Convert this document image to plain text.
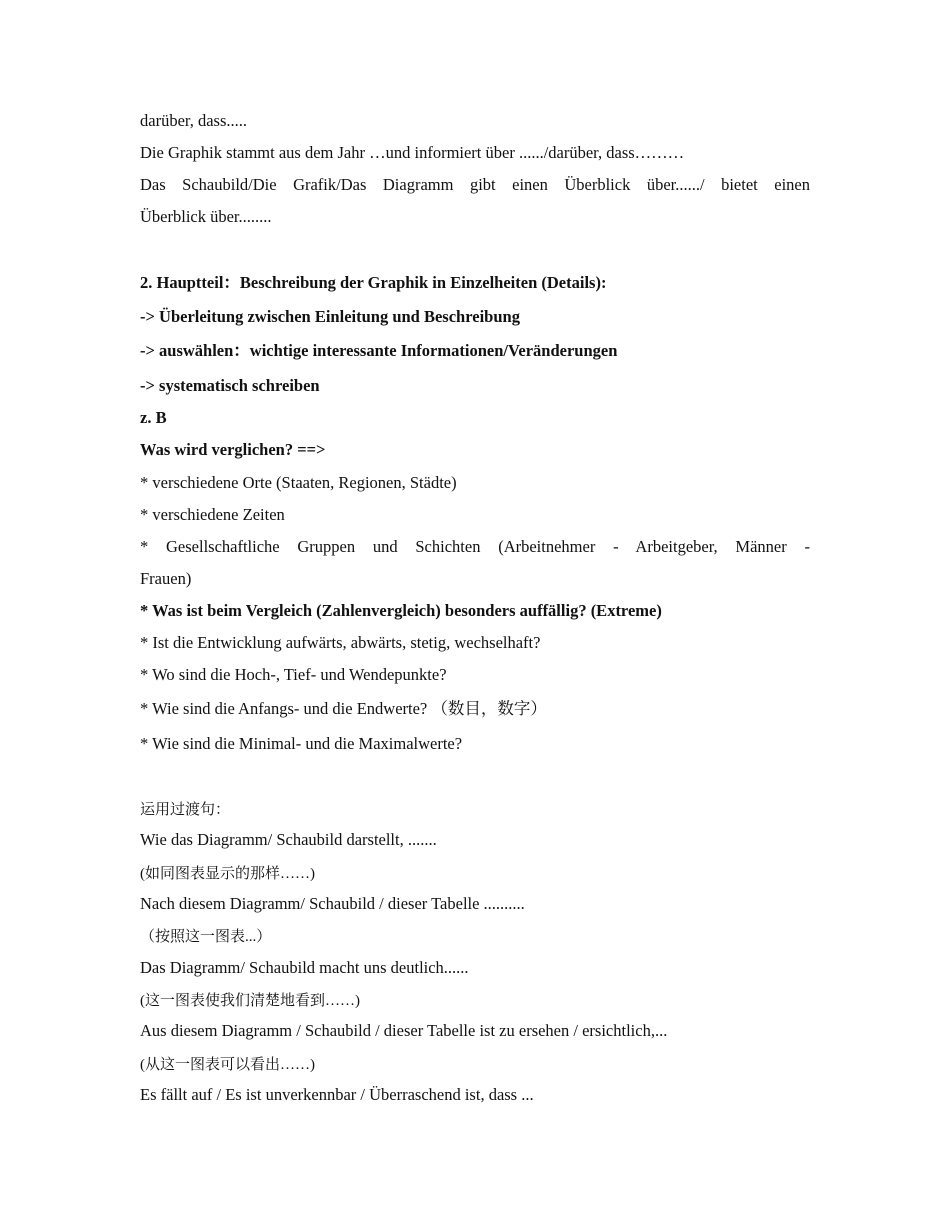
darüber, dass.....
Die Graphik stammt aus dem Jahr …und informiert über ....../darüber, dass………
Das Schaubild/Die Grafik/Das Diagramm gibt einen Überblick über....../ bietet einen
Überblick über........
2. Hauptteil：Beschreibung der Graphik in Einzelheiten (Details):
-> Überleitung zwischen Einleitung und Beschreibung
-> auswählen：wichtige interessante Informationen/Veränderungen
-> systematisch schreiben
z. B
Was wird verglichen? ==>
* verschiedene Orte (Staaten, Regionen, Städte)
* verschiedene Zeiten
* Gesellschaftliche Gruppen und Schichten (Arbeitnehmer - Arbeitgeber, Männer -
Frauen)
* Was ist beim Vergleich (Zahlenvergleich) besonders auffällig? (Extreme)
* Ist die Entwicklung aufwärts, abwärts, stetig, wechselhaft?
* Wo sind die Hoch-, Tief- und Wendepunkte?
* Wie sind die Anfangs- und die Endwerte? （数目，数字）
* Wie sind die Minimal- und die Maximalwerte?
运用过渡句：
Wie das Diagramm/ Schaubild darstellt, .......
(如同图表显示的那样……)
Nach diesem Diagramm/ Schaubild / dieser Tabelle ..........
（按照这一图表...）
Das Diagramm/ Schaubild macht uns deutlich......
(这一图表使我们清楚地看到……)
Aus diesem Diagramm / Schaubild / dieser Tabelle ist zu ersehen / ersichtlich,...
(从这一图表可以看出……)
Es fällt auf / Es ist unverkennbar / Überraschend ist, dass ...
